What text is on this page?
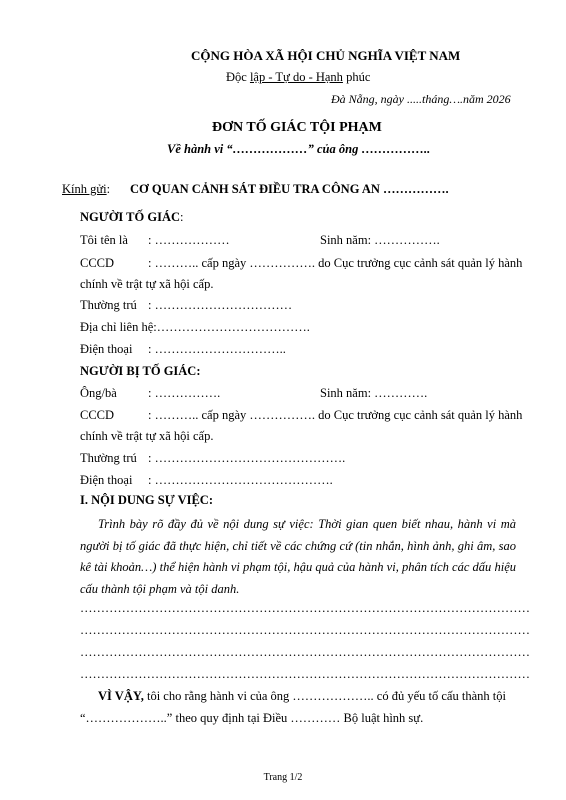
CỘNG HÒA XÃ HỘI CHỦ NGHĨA VIỆT NAM
Độc lập - Tự do - Hạnh phúc
Đà Nẵng, ngày .....tháng….năm 2026
ĐƠN TỐ GIÁC TỘI PHẠM
Về hành vi “………………” của ông ……………..
Kính gửi: CƠ QUAN CẢNH SÁT ĐIỀU TRA CÔNG AN …………….
NGƯỜI TỐ GIÁC:
Tôi tên là : ………………	Sinh năm: …………….
CCCD	: ……….. cấp ngày ……………. do Cục trưởng cục cảnh sát quản lý hành
chính về trật tự xã hội cấp.
Thường trú : ……………………………
Địa chỉ liên hệ:……………………………….
Điện thoại : …………………………..
NGƯỜI BỊ TỐ GIÁC:
Ông/bà : …………….	Sinh năm: ………….
CCCD	: ……….. cấp ngày ……………. do Cục trưởng cục cảnh sát quản lý hành
chính về trật tự xã hội cấp.
Thường trú : ……………………………………….
Điện thoại : …………………………………….
I. NỘI DUNG SỰ VIỆC:
Trình bày rõ đầy đủ về nội dung sự việc: Thời gian quen biết nhau, hành vi mà người bị tố giác đã thực hiện, chỉ tiết về các chứng cứ (tin nhắn, hình ảnh, ghi âm, sao kê tài khoản…) thể hiện hành vi phạm tội, hậu quả của hành vi, phân tích các dấu hiệu cấu thành tội phạm và tội danh.
………………………………………………………………………………………………
………………………………………………………………………………………………
………………………………………………………………………………………………
………………………………………………………………………………………………
VÌ VẬY, tôi cho rằng hành vi của ông ……………….. có đủ yếu tố cấu thành tội
“………………..” theo quy định tại Điều ………… Bộ luật hình sự.
Trang 1/2
